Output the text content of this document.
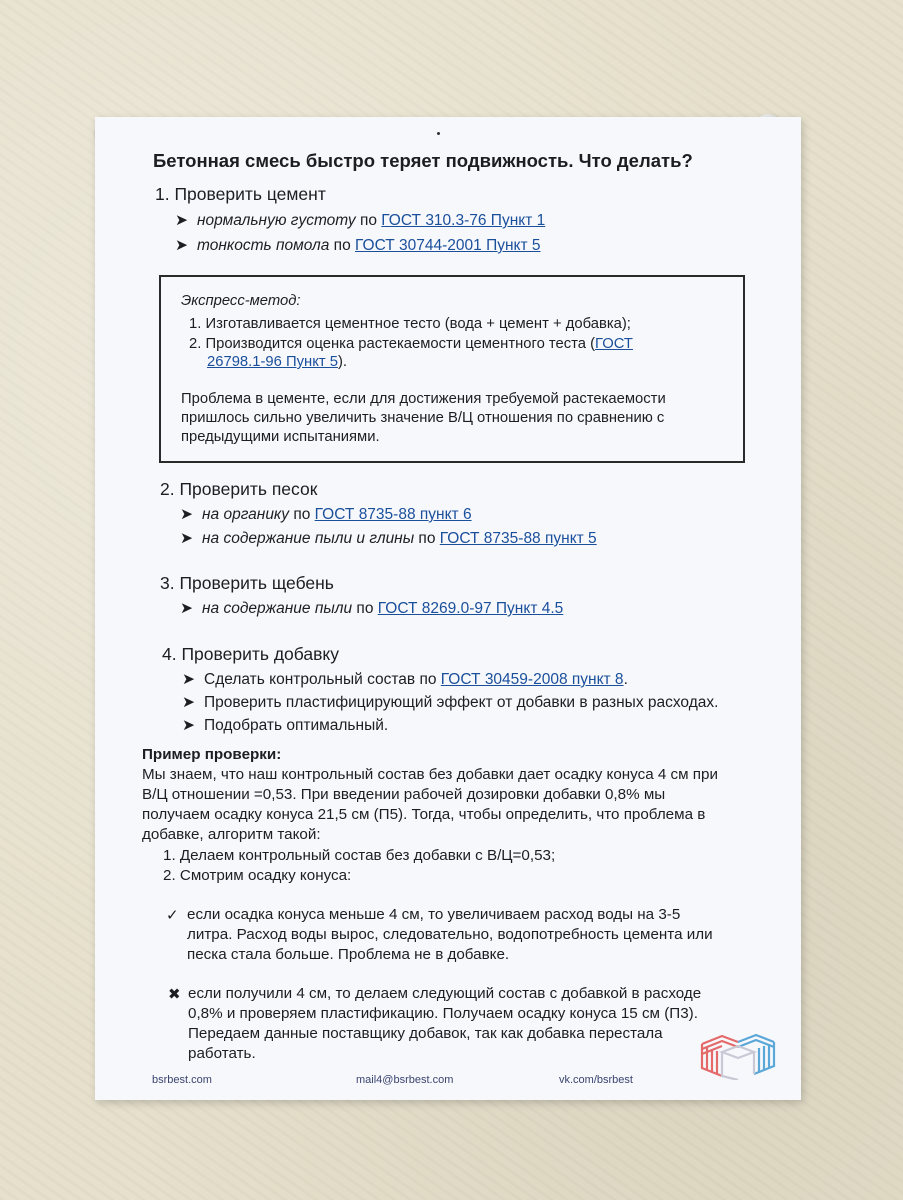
Бетонная смесь быстро теряет подвижность. Что делать?
1. Проверить цемент
➤ нормальную густоту по ГОСТ 310.3-76 Пункт 1
➤ тонкость помола по ГОСТ 30744-2001 Пункт 5
Экспресс-метод:
1. Изготавливается цементное тесто (вода + цемент + добавка);
2. Производится оценка растекаемости цементного теста (ГОСТ
26798.1-96 Пункт 5).
Проблема в цементе, если для достижения требуемой растекаемости
пришлось сильно увеличить значение В/Ц отношения по сравнению с
предыдущими испытаниями.
2. Проверить песок
➤ на органику по ГОСТ 8735-88 пункт 6
➤ на содержание пыли и глины по ГОСТ 8735-88 пункт 5
3. Проверить щебень
➤ на содержание пыли по ГОСТ 8269.0-97 Пункт 4.5
4. Проверить добавку
➤ Сделать контрольный состав по ГОСТ 30459-2008 пункт 8.
➤ Проверить пластифицирующий эффект от добавки в разных расходах.
➤ Подобрать оптимальный.
Пример проверки:
Мы знаем, что наш контрольный состав без добавки дает осадку конуса 4 см при
В/Ц отношении =0,53. При введении рабочей дозировки добавки 0,8% мы
получаем осадку конуса 21,5 см (П5). Тогда, чтобы определить, что проблема в
добавке, алгоритм такой:
1. Делаем контрольный состав без добавки с В/Ц=0,53;
2. Смотрим осадку конуса:
✓ если осадка конуса меньше 4 см, то увеличиваем расход воды на 3-5
литра. Расход воды вырос, следовательно, водопотребность цемента или
песка стала больше. Проблема не в добавке.
✖ если получили 4 см, то делаем следующий состав с добавкой в расходе
0,8% и проверяем пластификацию. Получаем осадку конуса 15 см (П3).
Передаем данные поставщику добавок, так как добавка перестала
работать.
bsrbest.com	mail4@bsrbest.com	vk.com/bsrbest
